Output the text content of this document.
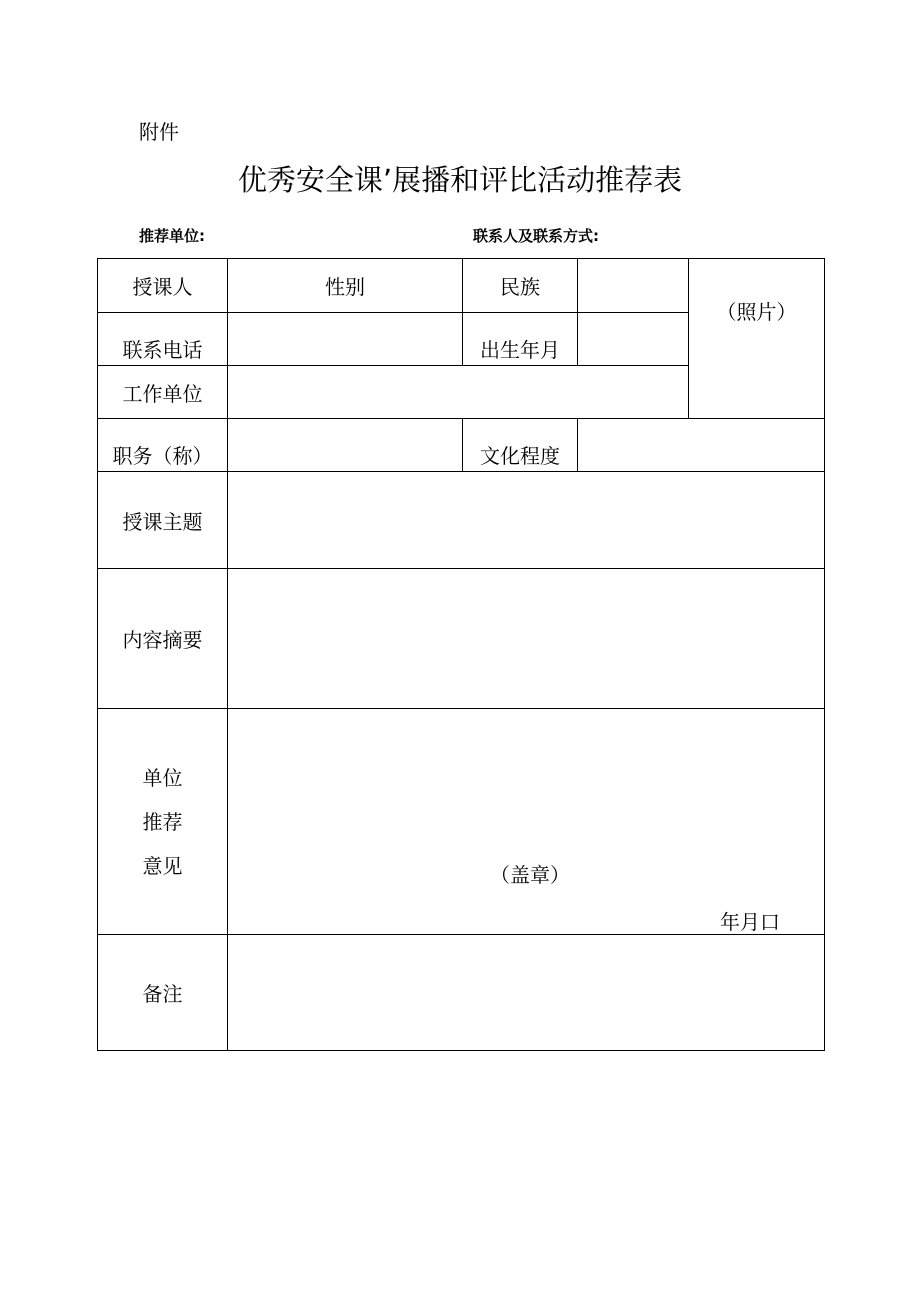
附件
优秀安全课’展播和评比活动推荐表
推荐单位:	联系人及联系方式:
授课人	性别	民族		（照片）
联系电话		出生年月		
工作单位				
职务（称）		文化程度		
授课主题				
内容摘要				

单位
推荐
意见	（盖章）
年月口			

备注				
